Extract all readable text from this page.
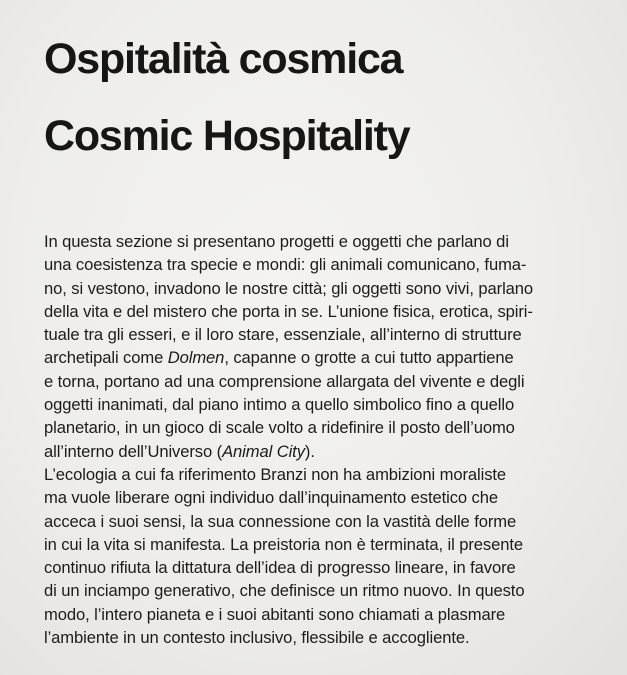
Ospitalità cosmica
Cosmic Hospitality
In questa sezione si presentano progetti e oggetti che parlano di
una coesistenza tra specie e mondi: gli animali comunicano, fuma-
no, si vestono, invadono le nostre città; gli oggetti sono vivi, parlano
della vita e del mistero che porta in se. L’unione fisica, erotica, spiri-
tuale tra gli esseri, e il loro stare, essenziale, all’interno di strutture
archetipali come Dolmen, capanne o grotte a cui tutto appartiene
e torna, portano ad una comprensione allargata del vivente e degli
oggetti inanimati, dal piano intimo a quello simbolico fino a quello
planetario, in un gioco di scale volto a ridefinire il posto dell’uomo
all’interno dell’Universo (Animal City).
L’ecologia a cui fa riferimento Branzi non ha ambizioni moraliste
ma vuole liberare ogni individuo dall’inquinamento estetico che
acceca i suoi sensi, la sua connessione con la vastità delle forme
in cui la vita si manifesta. La preistoria non è terminata, il presente
continuo rifiuta la dittatura dell’idea di progresso lineare, in favore
di un inciampo generativo, che definisce un ritmo nuovo. In questo
modo, l’intero pianeta e i suoi abitanti sono chiamati a plasmare
l’ambiente in un contesto inclusivo, flessibile e accogliente.
